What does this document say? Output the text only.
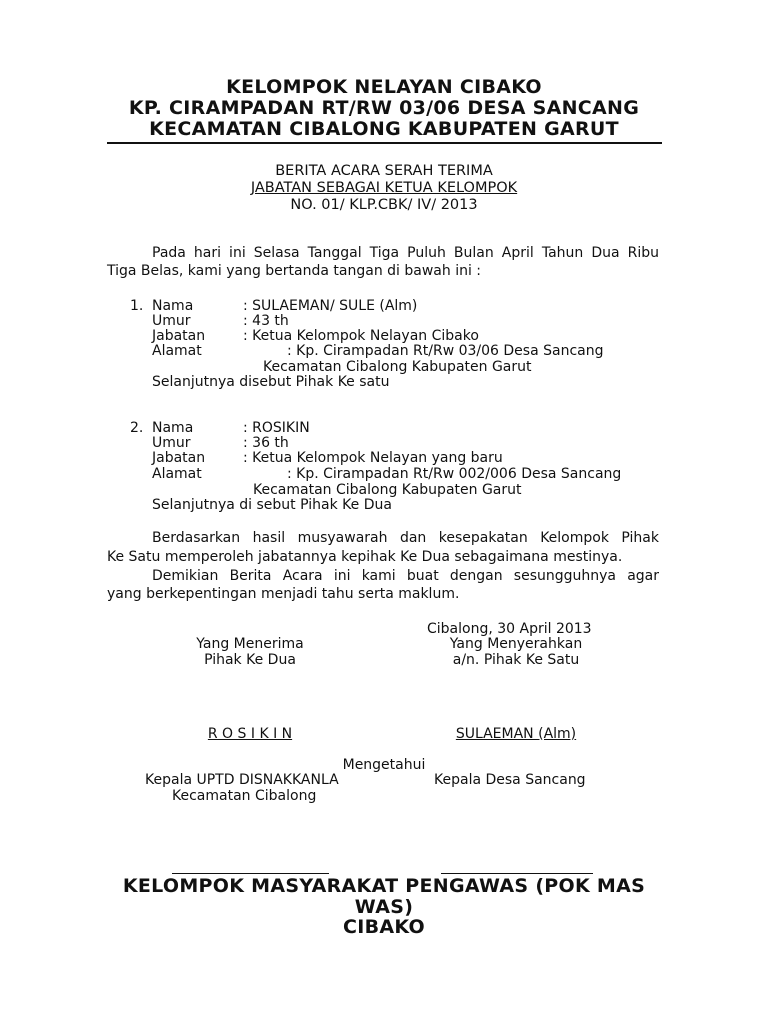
KELOMPOK NELAYAN CIBAKO
KP. CIRAMPADAN RT/RW 03/06 DESA SANCANG
KECAMATAN CIBALONG KABUPATEN GARUT
BERITA ACARA SERAH TERIMA
JABATAN SEBAGAI KETUA KELOMPOK
NO. 01/ KLP.CBK/ IV/ 2013
Pada hari ini Selasa Tanggal Tiga Puluh Bulan April Tahun Dua Ribu
Tiga Belas, kami yang bertanda tangan di bawah ini :
1. Nama	: SULAEMAN/ SULE (Alm)
Umur	: 43 th
Jabatan	: Ketua Kelompok Nelayan Cibako
Alamat	: Kp. Cirampadan Rt/Rw 03/06 Desa Sancang
Kecamatan Cibalong Kabupaten Garut
Selanjutnya disebut Pihak Ke satu
2. Nama	: ROSIKIN
Umur	: 36 th
Jabatan	: Ketua Kelompok Nelayan yang baru
Alamat	: Kp. Cirampadan Rt/Rw 002/006 Desa Sancang
Kecamatan Cibalong Kabupaten Garut
Selanjutnya di sebut Pihak Ke Dua
Berdasarkan hasil musyawarah dan kesepakatan Kelompok Pihak
Ke Satu memperoleh jabatannya kepihak Ke Dua sebagaimana mestinya.
Demikian Berita Acara ini kami buat dengan sesungguhnya agar
yang berkepentingan menjadi tahu serta maklum.
Cibalong, 30 April 2013
Yang Menerima
Pihak Ke Dua
Yang Menyerahkan
a/n. Pihak Ke Satu
R O S I K I N	SULAEMAN (Alm)
Mengetahui
Kepala UPTD DISNAKKANLA
Kecamatan Cibalong
Kepala Desa Sancang
KELOMPOK MASYARAKAT PENGAWAS (POK MAS
WAS)
CIBAKO
